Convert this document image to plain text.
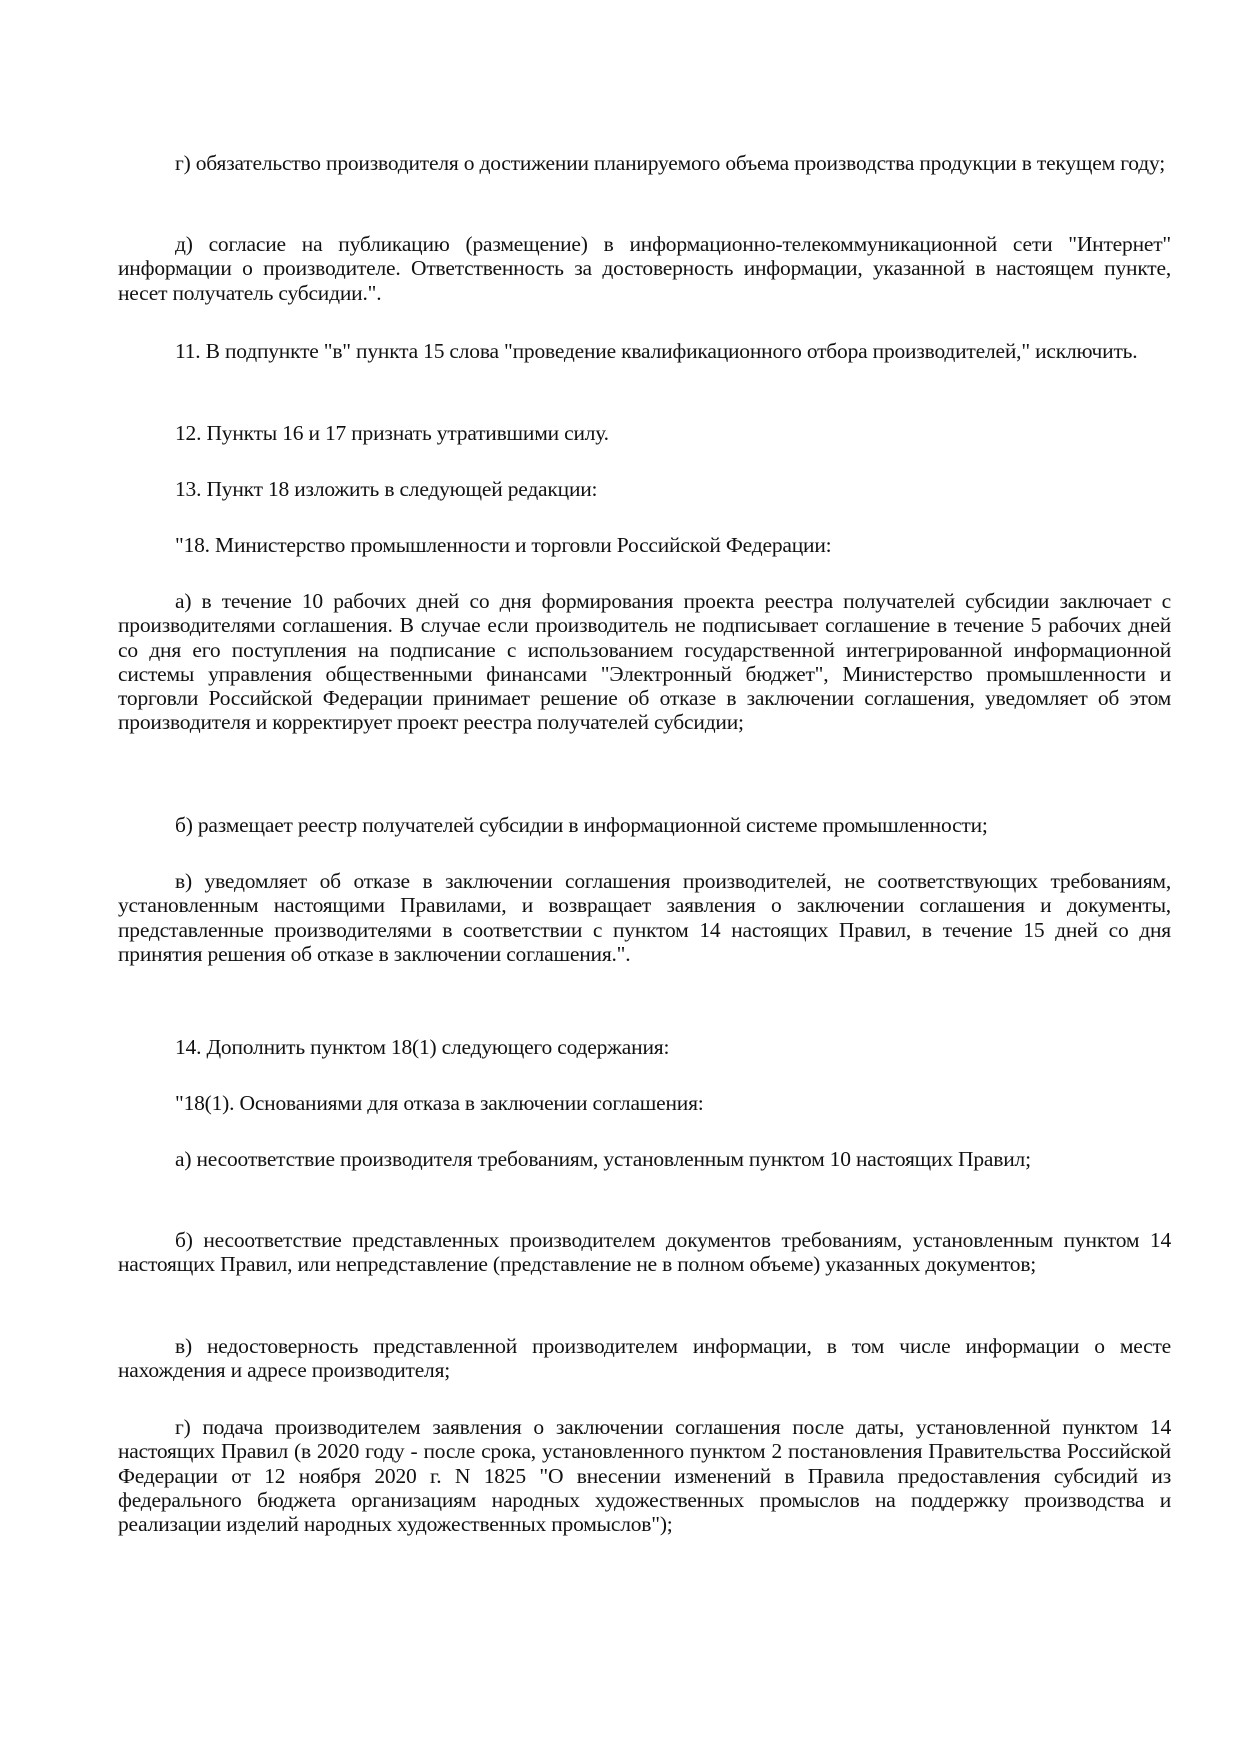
г) обязательство производителя о достижении планируемого объема производства продукции в текущем году;

д) согласие на публикацию (размещение) в информационно-телекоммуникационной сети "Интернет" информации о производителе. Ответственность за достоверность информации, указанной в настоящем пункте, несет получатель субсидии.".

11. В подпункте "в" пункта 15 слова "проведение квалификационного отбора производителей," исключить.

12. Пункты 16 и 17 признать утратившими силу.

13. Пункт 18 изложить в следующей редакции:

"18. Министерство промышленности и торговли Российской Федерации:

а) в течение 10 рабочих дней со дня формирования проекта реестра получателей субсидии заключает с производителями соглашения. В случае если производитель не подписывает соглашение в течение 5 рабочих дней со дня его поступления на подписание с использованием государственной интегрированной информационной системы управления общественными финансами "Электронный бюджет", Министерство промышленности и торговли Российской Федерации принимает решение об отказе в заключении соглашения, уведомляет об этом производителя и корректирует проект реестра получателей субсидии;

б) размещает реестр получателей субсидии в информационной системе промышленности;

в) уведомляет об отказе в заключении соглашения производителей, не соответствующих требованиям, установленным настоящими Правилами, и возвращает заявления о заключении соглашения и документы, представленные производителями в соответствии с пунктом 14 настоящих Правил, в течение 15 дней со дня принятия решения об отказе в заключении соглашения.".

14. Дополнить пунктом 18(1) следующего содержания:

"18(1). Основаниями для отказа в заключении соглашения:

а) несоответствие производителя требованиям, установленным пунктом 10 настоящих Правил;

б) несоответствие представленных производителем документов требованиям, установленным пунктом 14 настоящих Правил, или непредставление (представление не в полном объеме) указанных документов;

в) недостоверность представленной производителем информации, в том числе информации о месте нахождения и адресе производителя;

г) подача производителем заявления о заключении соглашения после даты, установленной пунктом 14 настоящих Правил (в 2020 году - после срока, установленного пунктом 2 постановления Правительства Российской Федерации от 12 ноября 2020 г. N 1825 "О внесении изменений в Правила предоставления субсидий из федерального бюджета организациям народных художественных промыслов на поддержку производства и реализации изделий народных художественных промыслов");
